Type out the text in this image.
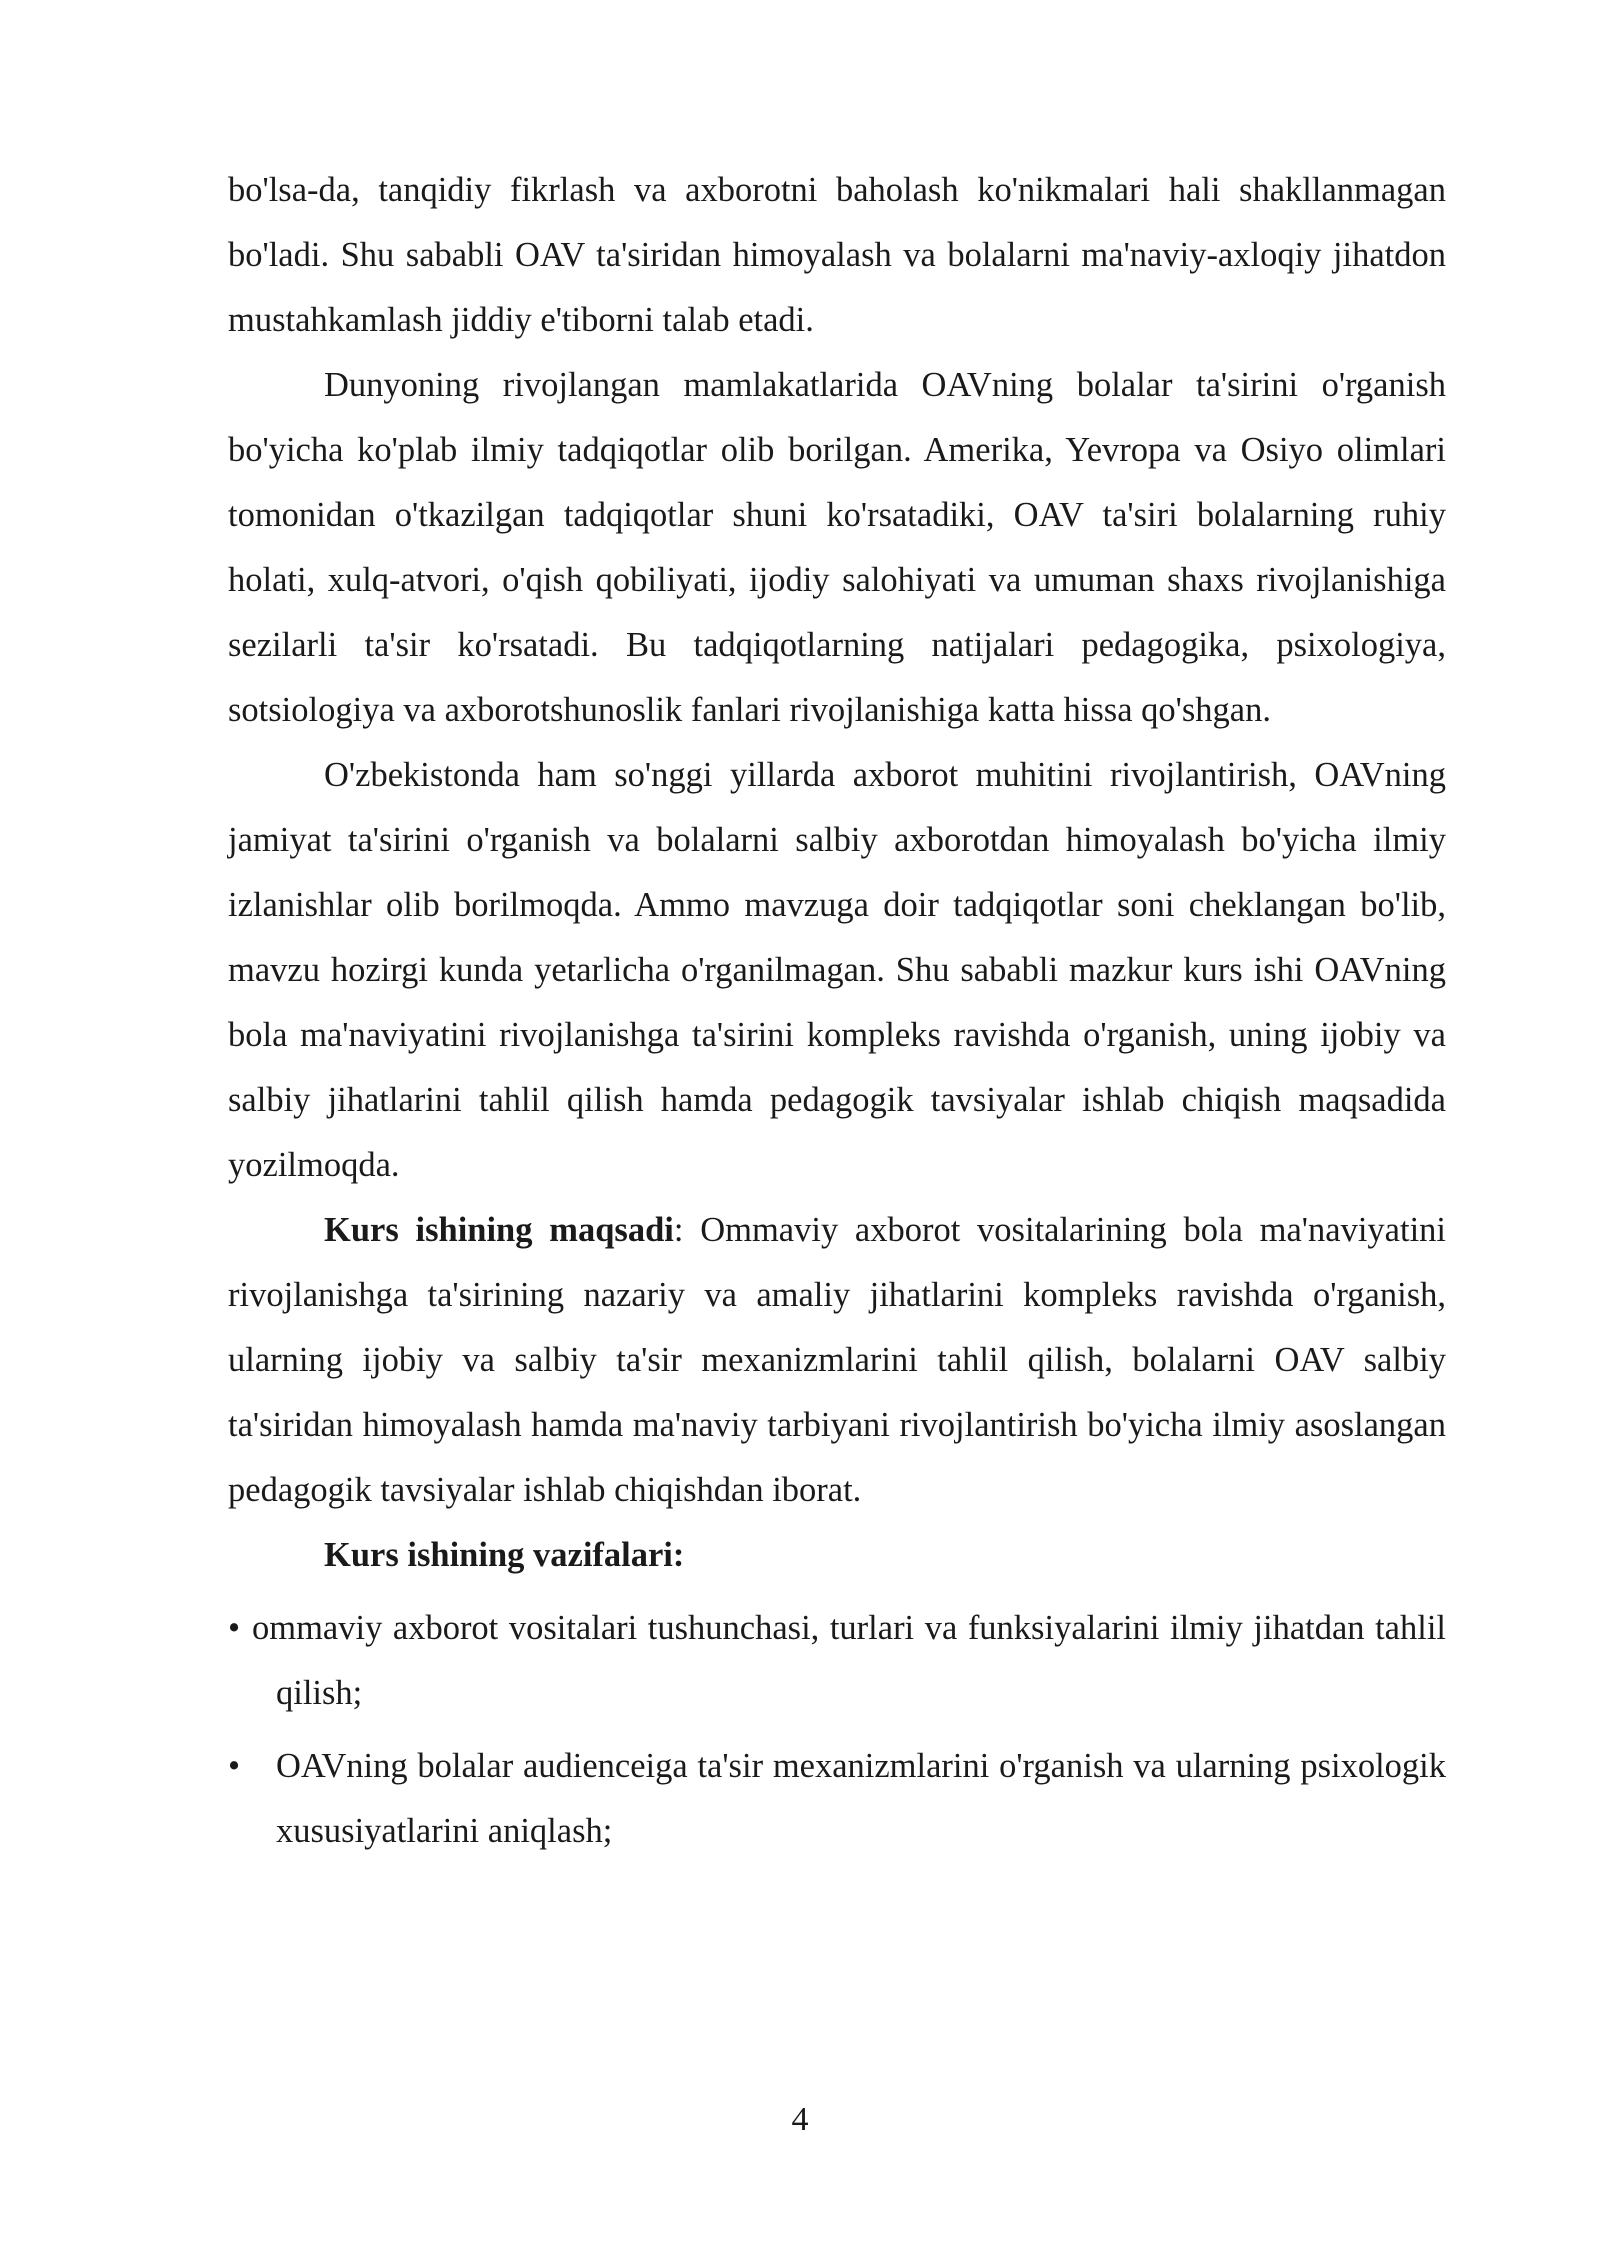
bo'lsa-da, tanqidiy fikrlash va axborotni baholash ko'nikmalari hali shakllanmagan bo'ladi. Shu sababli OAV ta'siridan himoyalash va bolalarni ma'naviy-axloqiy jihatdon mustahkamlash jiddiy e'tiborni talab etadi.

Dunyoning rivojlangan mamlakatlarida OAVning bolalar ta'sirini o'rganish bo'yicha ko'plab ilmiy tadqiqotlar olib borilgan. Amerika, Yevropa va Osiyo olimlari tomonidan o'tkazilgan tadqiqotlar shuni ko'rsatadiki, OAV ta'siri bolalarning ruhiy holati, xulq-atvori, o'qish qobiliyati, ijodiy salohiyati va umuman shaxs rivojlanishiga sezilarli ta'sir ko'rsatadi. Bu tadqiqotlarning natijalari pedagogika, psixologiya, sotsiologiya va axborotshunoslik fanlari rivojlanishiga katta hissa qo'shgan.

O'zbekistonda ham so'nggi yillarda axborot muhitini rivojlantirish, OAVning jamiyat ta'sirini o'rganish va bolalarni salbiy axborotdan himoyalash bo'yicha ilmiy izlanishlar olib borilmoqda. Ammo mavzuga doir tadqiqotlar soni cheklangan bo'lib, mavzu hozirgi kunda yetarlicha o'rganilmagan. Shu sababli mazkur kurs ishi OAVning bola ma'naviyatini rivojlanishga ta'sirini kompleks ravishda o'rganish, uning ijobiy va salbiy jihatlarini tahlil qilish hamda pedagogik tavsiyalar ishlab chiqish maqsadida yozilmoqda.

Kurs ishining maqsadi: Ommaviy axborot vositalarining bola ma'naviyatini rivojlanishga ta'sirining nazariy va amaliy jihatlarini kompleks ravishda o'rganish, ularning ijobiy va salbiy ta'sir mexanizmlarini tahlil qilish, bolalarni OAV salbiy ta'siridan himoyalash hamda ma'naviy tarbiyani rivojlantirish bo'yicha ilmiy asoslangan pedagogik tavsiyalar ishlab chiqishdan iborat.

Kurs ishining vazifalari:

• ommaviy axborot vositalari tushunchasi, turlari va funksiyalarini ilmiy jihatdan tahlil qilish;
• OAVning bolalar audienceiga ta'sir mexanizmlarini o'rganish va ularning psixologik xususiyatlarini aniqlash;
4
